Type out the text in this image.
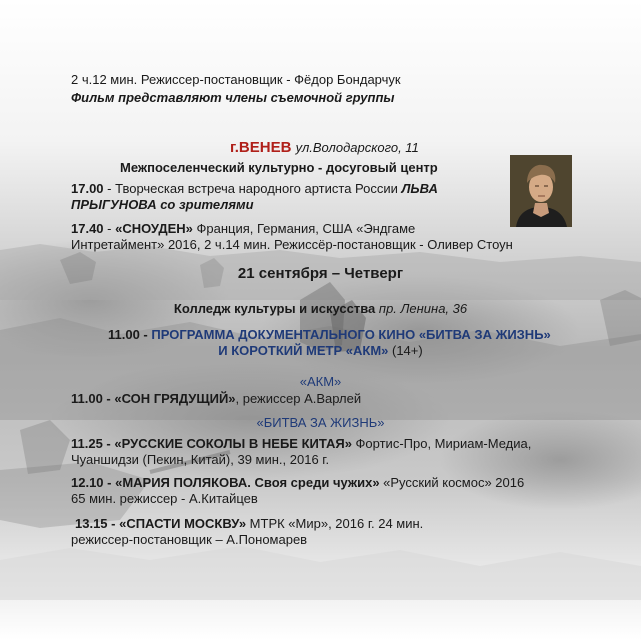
2 ч.12 мин. Режиссер-постановщик - Фёдор Бондарчук
Фильм представляют члены съемочной группы
г.ВЕНЕВ ул.Володарского, 11
Межпоселенческий культурно - досуговый центр
17.00 - Творческая встреча народного артиста России ЛЬВА
ПРЫГУНОВА со зрителями
17.40 - «СНОУДЕН» Франция, Германия, США «Эндгаме
Интретаймент» 2016, 2 ч.14 мин. Режиссёр-постановщик - Оливер Стоун
21 сентября – Четверг
Колледж культуры и искусства пр. Ленина, 36
11.00 - ПРОГРАММА ДОКУМЕНТАЛЬНОГО КИНО «БИТВА ЗА ЖИЗНЬ»
И КОРОТКИЙ МЕТР «АКМ» (14+)
«АКМ»
11.00 - «СОН ГРЯДУЩИЙ», режиссер А.Варлей
«БИТВА ЗА ЖИЗНЬ»
11.25 - «РУССКИЕ СОКОЛЫ В НЕБЕ КИТАЯ» Фортис-Про, Мириам-Медиа,
Чуаншидзи (Пекин, Китай), 39 мин., 2016 г.
12.10 - «МАРИЯ ПОЛЯКОВА. Своя среди чужих» «Русский космос» 2016
65 мин. режиссер - А.Китайцев
13.15 - «СПАСТИ МОСКВУ» МТРК «Мир», 2016 г. 24 мин.
режиссер-постановщик – А.Пономарев
